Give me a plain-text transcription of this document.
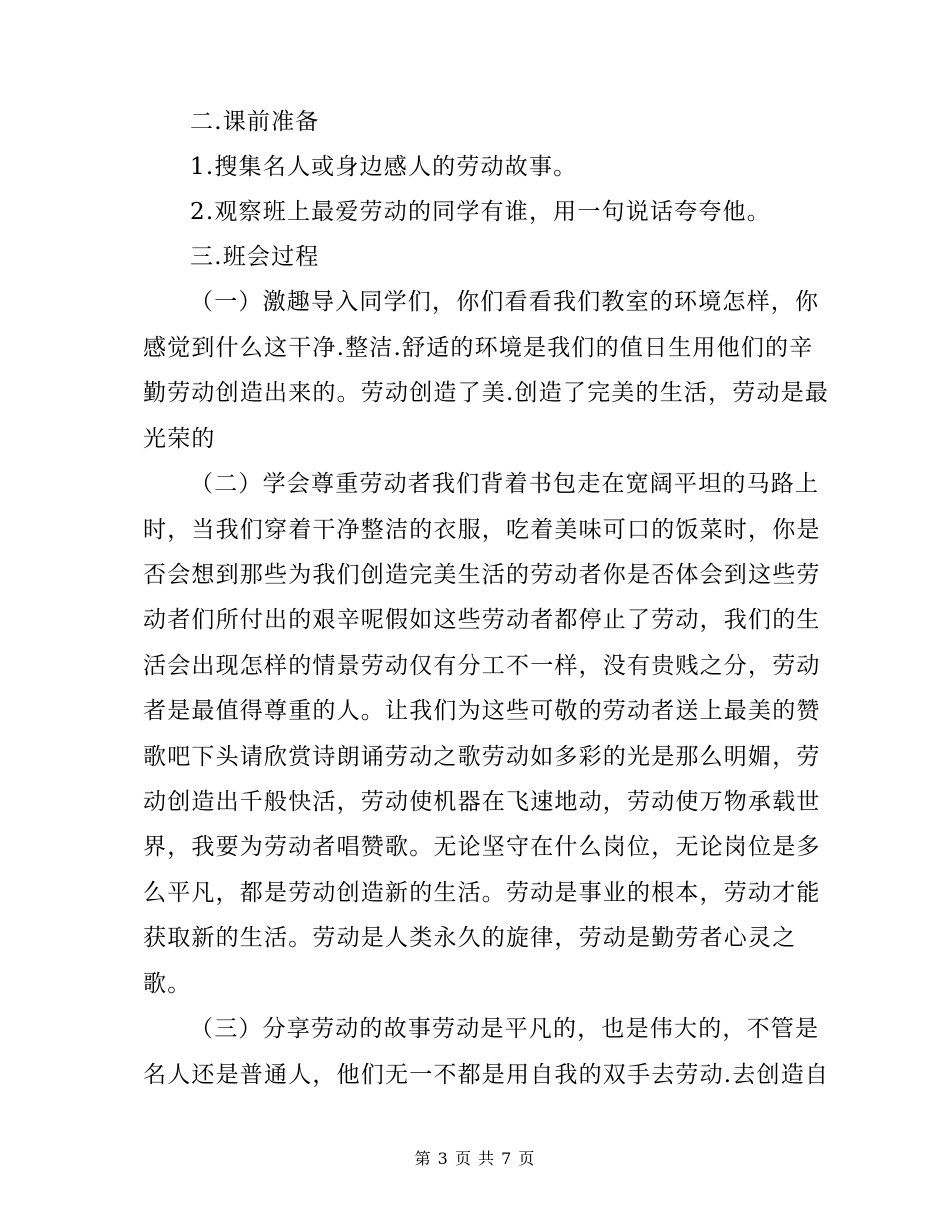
二.课前准备
1.搜集名人或身边感人的劳动故事。
2.观察班上最爱劳动的同学有谁，用一句说话夸夸他。
三.班会过程
（一）激趣导入同学们，你们看看我们教室的环境怎样，你
感觉到什么这干净.整洁.舒适的环境是我们的值日生用他们的辛
勤劳动创造出来的。劳动创造了美.创造了完美的生活，劳动是最
光荣的
（二）学会尊重劳动者我们背着书包走在宽阔平坦的马路上
时，当我们穿着干净整洁的衣服，吃着美味可口的饭菜时，你是
否会想到那些为我们创造完美生活的劳动者你是否体会到这些劳
动者们所付出的艰辛呢假如这些劳动者都停止了劳动，我们的生
活会出现怎样的情景劳动仅有分工不一样，没有贵贱之分，劳动
者是最值得尊重的人。让我们为这些可敬的劳动者送上最美的赞
歌吧下头请欣赏诗朗诵劳动之歌劳动如多彩的光是那么明媚，劳
动创造出千般快活，劳动使机器在飞速地动，劳动使万物承载世
界，我要为劳动者唱赞歌。无论坚守在什么岗位，无论岗位是多
么平凡，都是劳动创造新的生活。劳动是事业的根本，劳动才能
获取新的生活。劳动是人类永久的旋律，劳动是勤劳者心灵之
歌。
（三）分享劳动的故事劳动是平凡的，也是伟大的，不管是
名人还是普通人，他们无一不都是用自我的双手去劳动.去创造自
第 3 页 共 7 页
